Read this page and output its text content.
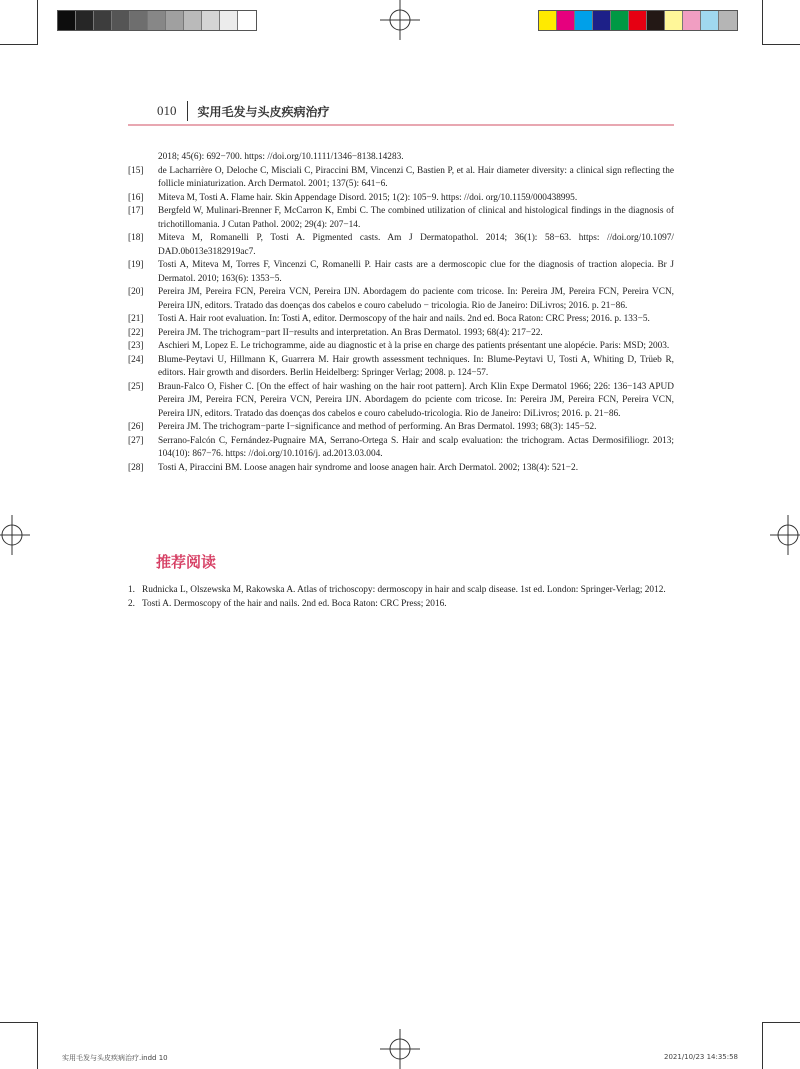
010 实用毛发与头皮疾病治疗
2018; 45(6): 692−700. https: //doi.org/10.1111/1346−8138.14283.
[15]	de Lacharrière O, Deloche C, Misciali C, Piraccini BM, Vincenzi C, Bastien P, et al. Hair diameter diversity: a clinical sign reflecting the follicle miniaturization. Arch Dermatol. 2001; 137(5): 641−6.
[16]	Miteva M, Tosti A. Flame hair. Skin Appendage Disord. 2015; 1(2): 105−9. https: //doi. org/10.1159/000438995.
[17]	Bergfeld W, Mulinari-Brenner F, McCarron K, Embi C. The combined utilization of clinical and histological findings in the diagnosis of trichotillomania. J Cutan Pathol. 2002; 29(4): 207−14.
[18]	Miteva M, Romanelli P, Tosti A. Pigmented casts. Am J Dermatopathol. 2014; 36(1): 58−63. https: //doi.org/10.1097/ DAD.0b013e3182919ac7.
[19]	Tosti A, Miteva M, Torres F, Vincenzi C, Romanelli P. Hair casts are a dermoscopic clue for the diagnosis of traction alopecia. Br J Dermatol. 2010; 163(6): 1353−5.
[20]	Pereira JM, Pereira FCN, Pereira VCN, Pereira IJN. Abordagem do paciente com tricose. In: Pereira JM, Pereira FCN, Pereira VCN, Pereira IJN, editors. Tratado das doenças dos cabelos e couro cabeludo − tricologia. Rio de Janeiro: DiLivros; 2016. p. 21−86.
[21]	Tosti A. Hair root evaluation. In: Tosti A, editor. Dermoscopy of the hair and nails. 2nd ed. Boca Raton: CRC Press; 2016. p. 133−5.
[22]	Pereira JM. The trichogram−part II−results and interpretation. An Bras Dermatol. 1993; 68(4): 217−22.
[23]	Aschieri M, Lopez E. Le trichogramme, aide au diagnostic et à la prise en charge des patients présentant une alopécie. Paris: MSD; 2003.
[24]	Blume-Peytavi U, Hillmann K, Guarrera M. Hair growth assessment techniques. In: Blume-Peytavi U, Tosti A, Whiting D, Trüeb R, editors. Hair growth and disorders. Berlin Heidelberg: Springer Verlag; 2008. p. 124−57.
[25]	Braun-Falco O, Fisher C. [On the effect of hair washing on the hair root pattern]. Arch Klin Expe Dermatol 1966; 226: 136−143 APUD Pereira JM, Pereira FCN, Pereira VCN, Pereira IJN. Abordagem do pciente com tricose. In: Pereira JM, Pereira FCN, Pereira VCN, Pereira IJN, editors. Tratado das doenças dos cabelos e couro cabeludo-tricologia. Rio de Janeiro: DiLivros; 2016. p. 21−86.
[26]	Pereira JM. The trichogram−parte I−significance and method of performing. An Bras Dermatol. 1993; 68(3): 145−52.
[27]	Serrano-Falcón C, Fernández-Pugnaire MA, Serrano-Ortega S. Hair and scalp evaluation: the trichogram. Actas Dermosifiliogr. 2013; 104(10): 867−76. https: //doi.org/10.1016/j. ad.2013.03.004.
[28]	Tosti A, Piraccini BM. Loose anagen hair syndrome and loose anagen hair. Arch Dermatol. 2002; 138(4): 521−2.
推荐阅读
1. Rudnicka L, Olszewska M, Rakowska A. Atlas of trichoscopy: dermoscopy in hair and scalp disease. 1st ed. London: Springer-Verlag; 2012.
2. Tosti A. Dermoscopy of the hair and nails. 2nd ed. Boca Raton: CRC Press; 2016.
实用毛发与头皮疾病治疗.indd 10	2021/10/23 14:35:58
